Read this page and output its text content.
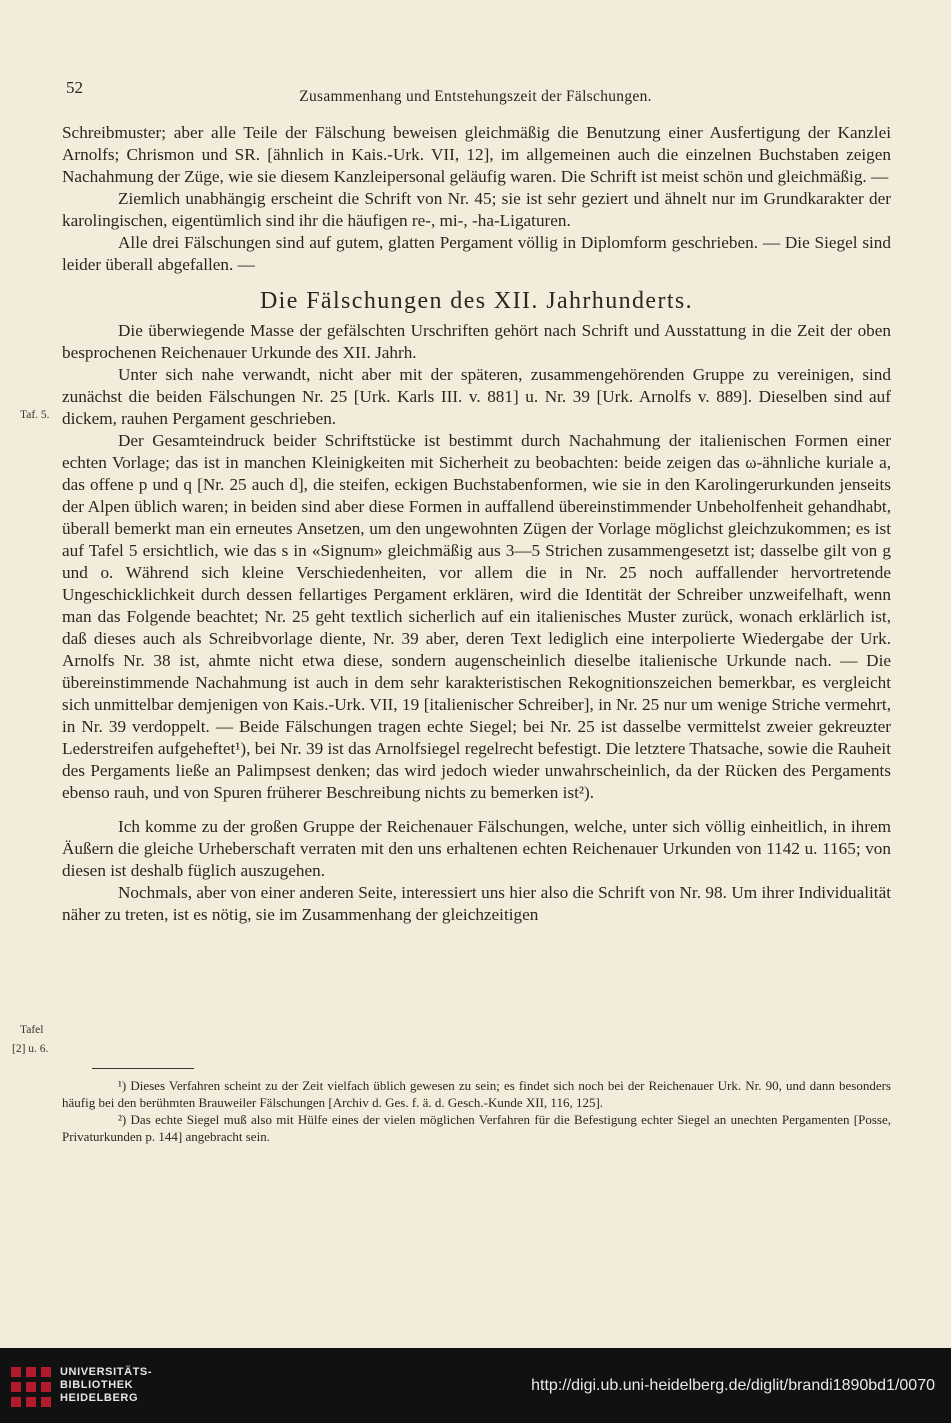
52	Zusammenhang und Entstehungszeit der Fälschungen.

Schreibmuster; aber alle Teile der Fälschung beweisen gleichmäßig die Benutzung einer Ausfertigung der Kanzlei Arnolfs; Chrismon und SR. [ähnlich in Kais.-Urk. VII, 12], im allgemeinen auch die einzelnen Buchstaben zeigen Nachahmung der Züge, wie sie diesem Kanzleipersonal geläufig waren. Die Schrift ist meist schön und gleichmäßig. —

Ziemlich unabhängig erscheint die Schrift von Nr. 45; sie ist sehr geziert und ähnelt nur im Grundkarakter der karolingischen, eigentümlich sind ihr die häufigen re-, mi-, -ha-Ligaturen.

Alle drei Fälschungen sind auf gutem, glatten Pergament völlig in Diplomform geschrieben. — Die Siegel sind leider überall abgefallen. —

Die Fälschungen des XII. Jahrhunderts.

Die überwiegende Masse der gefälschten Urschriften gehört nach Schrift und Ausstattung in die Zeit der oben besprochenen Reichenauer Urkunde des XII. Jahrh.

Unter sich nahe verwandt, nicht aber mit der späteren, zusammengehörenden Gruppe zu vereinigen, sind zunächst die beiden Fälschungen Nr. 25 [Urk. Karls III. v. 881] u. Nr. 39 [Urk. Arnolfs v. 889]. Dieselben sind auf dickem, rauhen Pergament geschrieben.

Der Gesamteindruck beider Schriftstücke ist bestimmt durch Nachahmung der italienischen Formen einer echten Vorlage; das ist in manchen Kleinigkeiten mit Sicherheit zu beobachten: beide zeigen das ω-ähnliche kuriale a, das offene p und q [Nr. 25 auch d], die steifen, eckigen Buchstabenformen, wie sie in den Karolingerurkunden jenseits der Alpen üblich waren; in beiden sind aber diese Formen in auffallend übereinstimmender Unbeholfenheit gehandhabt, überall bemerkt man ein erneutes Ansetzen, um den ungewohnten Zügen der Vorlage möglichst gleichzukommen; es ist auf Tafel 5 ersichtlich, wie das s in «Signum» gleichmäßig aus 3—5 Strichen zusammengesetzt ist; dasselbe gilt von g und o. Während sich kleine Verschiedenheiten, vor allem die in Nr. 25 noch auffallender hervortretende Ungeschicklichkeit durch dessen fellartiges Pergament erklären, wird die Identität der Schreiber unzweifelhaft, wenn man das Folgende beachtet; Nr. 25 geht textlich sicherlich auf ein italienisches Muster zurück, wonach erklärlich ist, daß dieses auch als Schreibvorlage diente, Nr. 39 aber, deren Text lediglich eine interpolierte Wiedergabe der Urk. Arnolfs Nr. 38 ist, ahmte nicht etwa diese, sondern augenscheinlich dieselbe italienische Urkunde nach. — Die übereinstimmende Nachahmung ist auch in dem sehr karakteristischen Rekognitionszeichen bemerkbar, es vergleicht sich unmittelbar demjenigen von Kais.-Urk. VII, 19 [italienischer Schreiber], in Nr. 25 nur um wenige Striche vermehrt, in Nr. 39 verdoppelt. — Beide Fälschungen tragen echte Siegel; bei Nr. 25 ist dasselbe vermittelst zweier gekreuzter Lederstreifen aufgeheftet¹), bei Nr. 39 ist das Arnolfsiegel regelrecht befestigt. Die letztere Thatsache, sowie die Rauheit des Pergaments ließe an Palimpsest denken; das wird jedoch wieder unwahrscheinlich, da der Rücken des Pergaments ebenso rauh, und von Spuren früherer Beschreibung nichts zu bemerken ist²).

Ich komme zu der großen Gruppe der Reichenauer Fälschungen, welche, unter sich völlig einheitlich, in ihrem Äußern die gleiche Urheberschaft verraten mit den uns erhaltenen echten Reichenauer Urkunden von 1142 u. 1165; von diesen ist deshalb füglich auszugehen.

Nochmals, aber von einer anderen Seite, interessiert uns hier also die Schrift von Nr. 98. Um ihrer Individualität näher zu treten, ist es nötig, sie im Zusammenhang der gleichzeitigen

Taf. 5.
Tafel
[2] u. 6.

¹) Dieses Verfahren scheint zu der Zeit vielfach üblich gewesen zu sein; es findet sich noch bei der Reichenauer Urk. Nr. 90, und dann besonders häufig bei den berühmten Brauweiler Fälschungen [Archiv d. Ges. f. ä. d. Gesch.-Kunde XII, 116, 125].

²) Das echte Siegel muß also mit Hülfe eines der vielen möglichen Verfahren für die Befestigung echter Siegel an unechten Pergamenten [Posse, Privaturkunden p. 144] angebracht sein.

UNIVERSITÄTS-
BIBLIOTHEK
HEIDELBERG
http://digi.ub.uni-heidelberg.de/diglit/brandi1890bd1/0070
